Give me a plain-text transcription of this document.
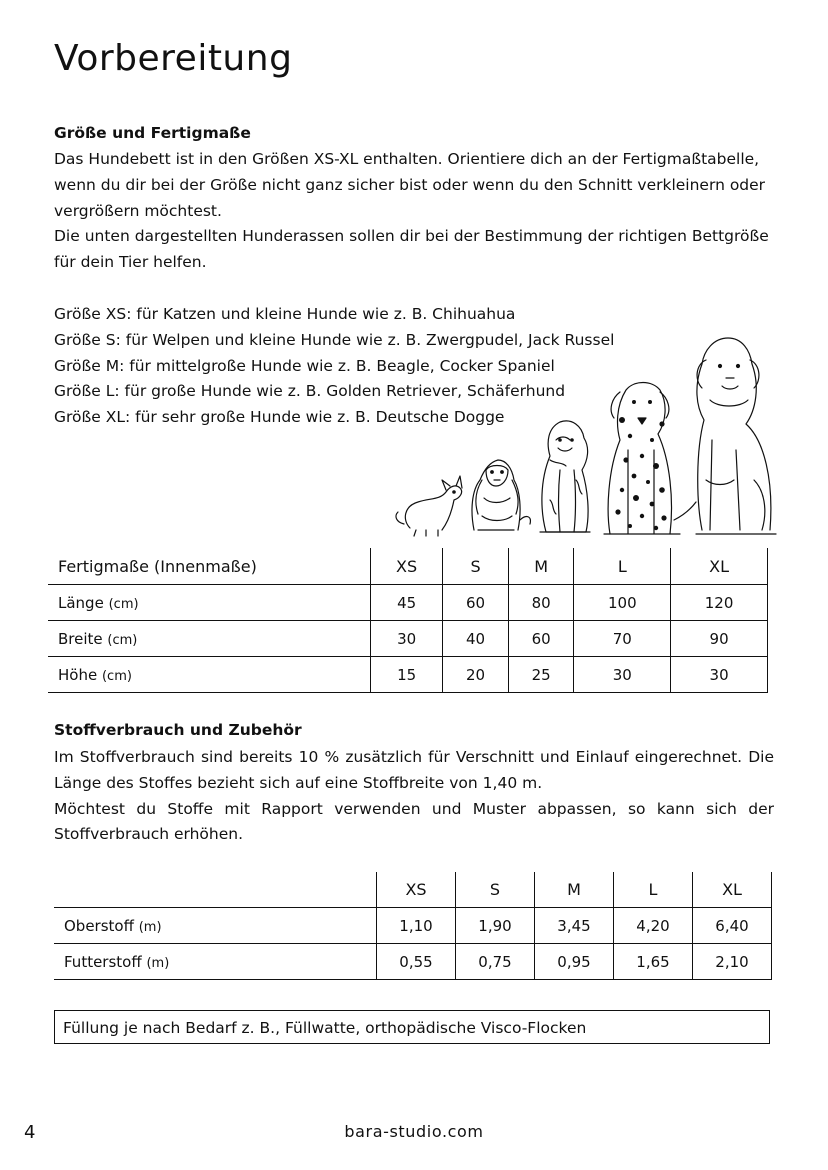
Vorbereitung
Größe und Fertigmaße

Das Hundebett ist in den Größen XS-XL enthalten. Orientiere dich an der Fertigmaßtabelle, wenn du dir bei der Größe nicht ganz sicher bist oder wenn du den Schnitt verkleinern oder vergrößern möchtest.

Die unten dargestellten Hunderassen sollen dir bei der Bestimmung der richtigen Bettgröße für dein Tier helfen.

Größe XS: für Katzen und kleine Hunde wie z. B. Chihuahua
Größe S: für Welpen und kleine Hunde wie z. B. Zwergpudel, Jack Russel
Größe M: für mittelgroße Hunde wie z. B. Beagle, Cocker Spaniel
Größe L: für große Hunde wie z. B. Golden Retriever, Schäferhund
Größe XL: für sehr große Hunde wie z. B. Deutsche Dogge
Fertigmaße (Innenmaße)	XS	S	M	L	XL
Länge (cm)	45	60	80	100	120
Breite (cm)	30	40	60	70	90
Höhe (cm)	15	20	25	30	30
Stoffverbrauch und Zubehör

Im Stoffverbrauch sind bereits 10 % zusätzlich für Verschnitt und Einlauf eingerechnet. Die Länge des Stoffes bezieht sich auf eine Stoffbreite von 1,40 m.

Möchtest du Stoffe mit Rapport verwenden und Muster abpassen, so kann sich der Stoffverbrauch erhöhen.

	XS	S	M	L	XL
Oberstoff (m)	1,10	1,90	3,45	4,20	6,40
Futterstoff (m)	0,55	0,75	0,95	1,65	2,10
Füllung je nach Bedarf z. B., Füllwatte, orthopädische Visco-Flocken
4	bara-studio.com
